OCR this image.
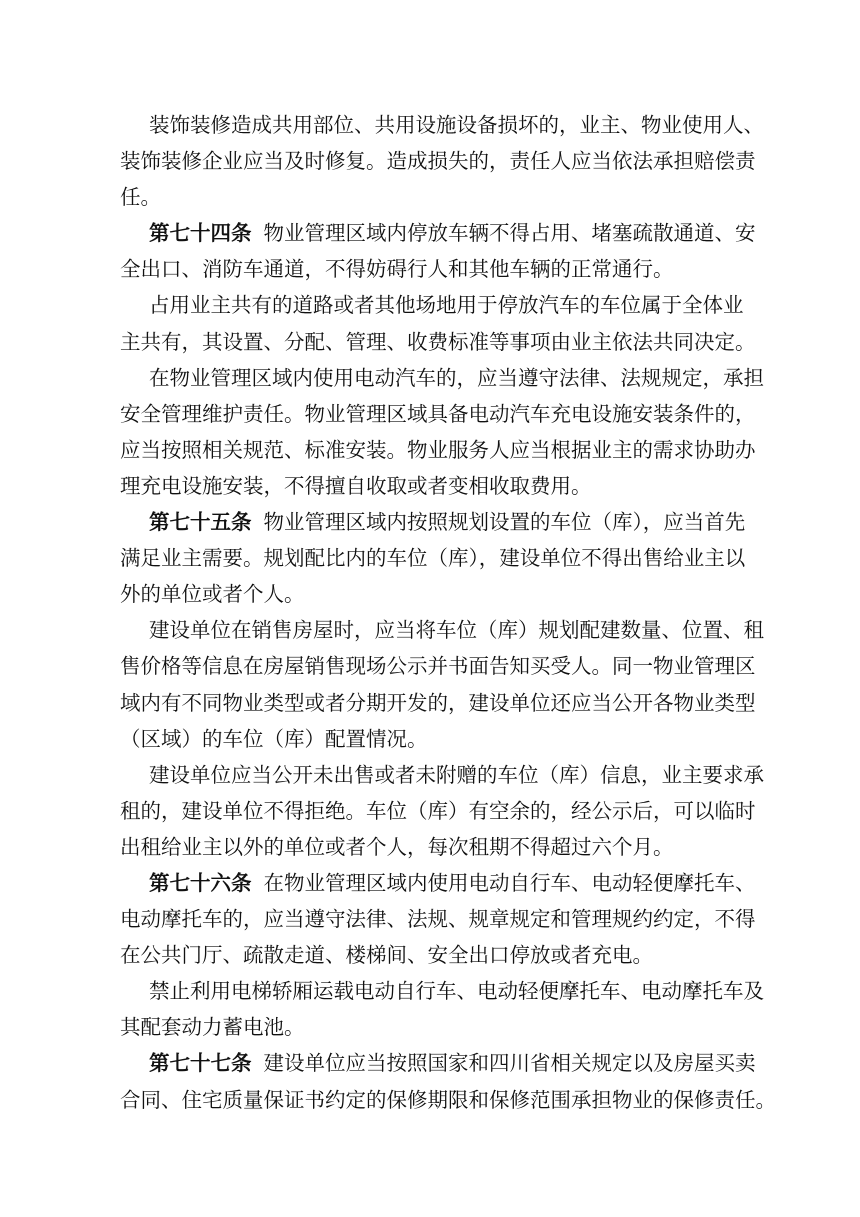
装饰装修造成共用部位、共用设施设备损坏的，业主、物业使用人、
装饰装修企业应当及时修复。造成损失的，责任人应当依法承担赔偿责
任。
第七十四条 物业管理区域内停放车辆不得占用、堵塞疏散通道、安
全出口、消防车通道，不得妨碍行人和其他车辆的正常通行。
占用业主共有的道路或者其他场地用于停放汽车的车位属于全体业
主共有，其设置、分配、管理、收费标准等事项由业主依法共同决定。
在物业管理区域内使用电动汽车的，应当遵守法律、法规规定，承担
安全管理维护责任。物业管理区域具备电动汽车充电设施安装条件的，
应当按照相关规范、标准安装。物业服务人应当根据业主的需求协助办
理充电设施安装，不得擅自收取或者变相收取费用。
第七十五条 物业管理区域内按照规划设置的车位（库），应当首先
满足业主需要。规划配比内的车位（库），建设单位不得出售给业主以
外的单位或者个人。
建设单位在销售房屋时，应当将车位（库）规划配建数量、位置、租
售价格等信息在房屋销售现场公示并书面告知买受人。同一物业管理区
域内有不同物业类型或者分期开发的，建设单位还应当公开各物业类型
（区域）的车位（库）配置情况。
建设单位应当公开未出售或者未附赠的车位（库）信息，业主要求承
租的，建设单位不得拒绝。车位（库）有空余的，经公示后，可以临时
出租给业主以外的单位或者个人，每次租期不得超过六个月。
第七十六条 在物业管理区域内使用电动自行车、电动轻便摩托车、
电动摩托车的，应当遵守法律、法规、规章规定和管理规约约定，不得
在公共门厅、疏散走道、楼梯间、安全出口停放或者充电。
禁止利用电梯轿厢运载电动自行车、电动轻便摩托车、电动摩托车及
其配套动力蓄电池。
第七十七条 建设单位应当按照国家和四川省相关规定以及房屋买卖
合同、住宅质量保证书约定的保修期限和保修范围承担物业的保修责任。
